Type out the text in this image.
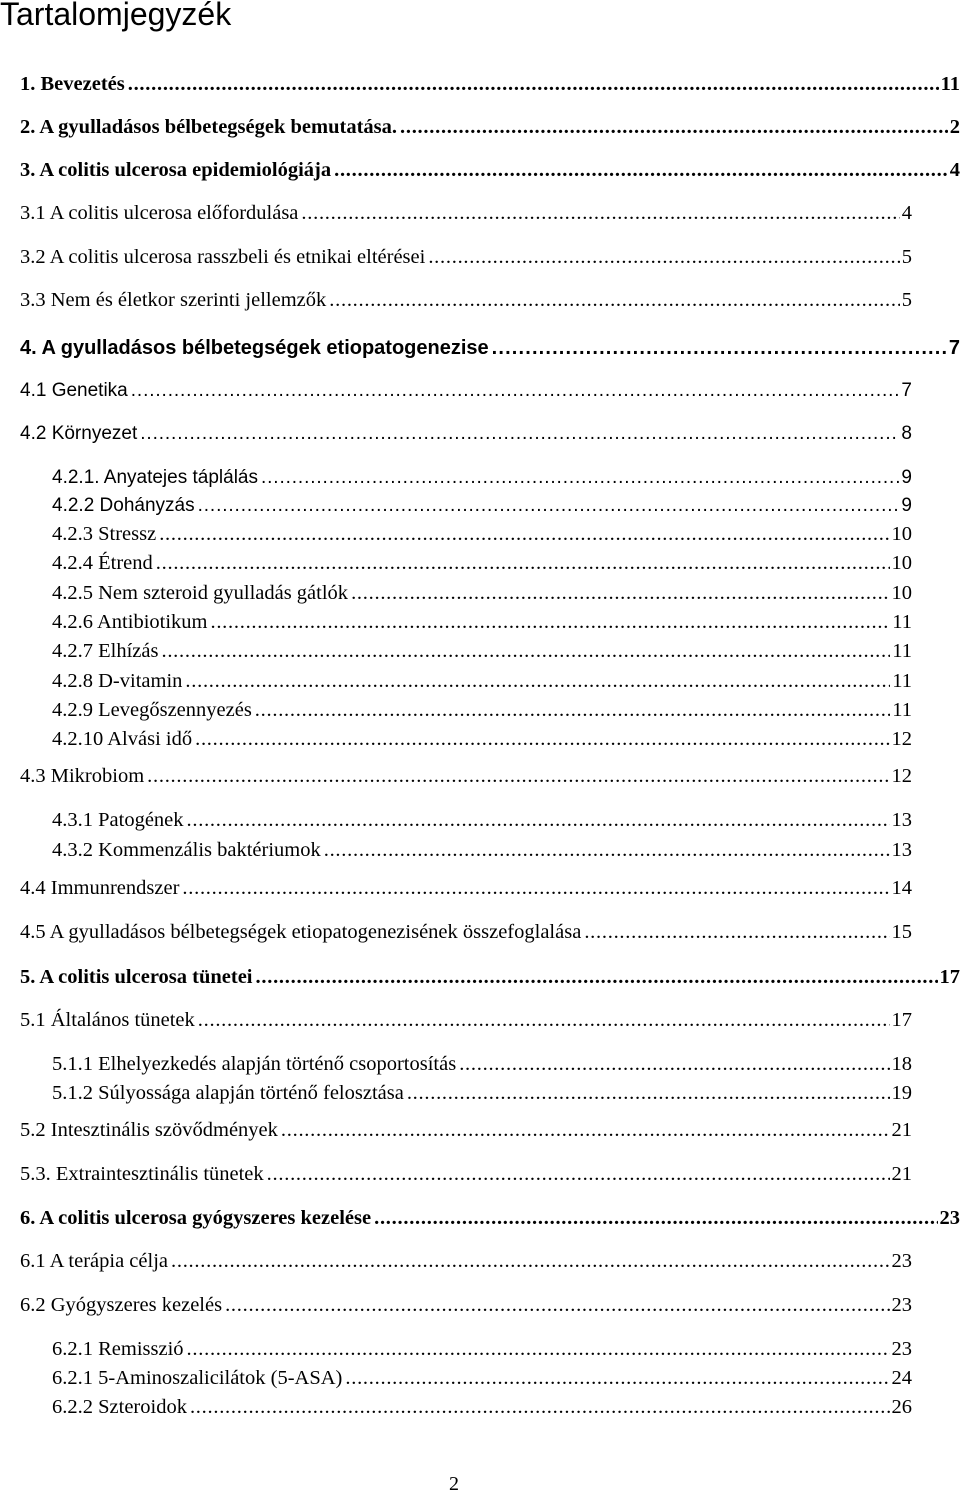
Tartalomjegyzék
1. Bevezetés . . .	11
2. A gyulladásos bélbetegségek bemutatása. . . .	2
3. A colitis ulcerosa epidemiológiája . . .	4
3.1 A colitis ulcerosa előfordulása . . .	4
3.2 A colitis ulcerosa rasszbeli és etnikai eltérései . . .	5
3.3 Nem és életkor szerinti jellemzők . . .	5
4. A gyulladásos bélbetegségek etiopatogenezise . . .	7
4.1 Genetika . . .	7
4.2 Környezet . . .	8
4.2.1. Anyatejes táplálás . . .	9
4.2.2 Dohányzás . . .	9
4.2.3 Stressz . . .	10
4.2.4 Étrend . . .	10
4.2.5 Nem szteroid gyulladás gátlók . . .	10
4.2.6 Antibiotikum . . .	11
4.2.7 Elhízás . . .	11
4.2.8 D-vitamin . . .	11
4.2.9 Levegőszennyezés . . .	11
4.2.10 Alvási idő . . .	12
4.3 Mikrobiom . . .	12
4.3.1 Patogének . . .	13
4.3.2 Kommenzális baktériumok . . .	13
4.4 Immunrendszer . . .	14
4.5 A gyulladásos bélbetegségek etiopatogenezisének összefoglalása . . .	15
5. A colitis ulcerosa tünetei . . .	17
5.1 Általános tünetek . . .	17
5.1.1 Elhelyezkedés alapján történő csoportosítás . . .	18
5.1.2 Súlyossága alapján történő felosztása . . .	19
5.2 Intesztinális szövődmények . . .	21
5.3. Extraintesztinális tünetek . . .	21
6. A colitis ulcerosa gyógyszeres kezelése . . .	23
6.1 A terápia célja . . .	23
6.2 Gyógyszeres kezelés . . .	23
6.2.1 Remisszió . . .	23
6.2.1 5-Aminoszalicilátok (5-ASA) . . .	24
6.2.2 Szteroidok . . .	26
2
